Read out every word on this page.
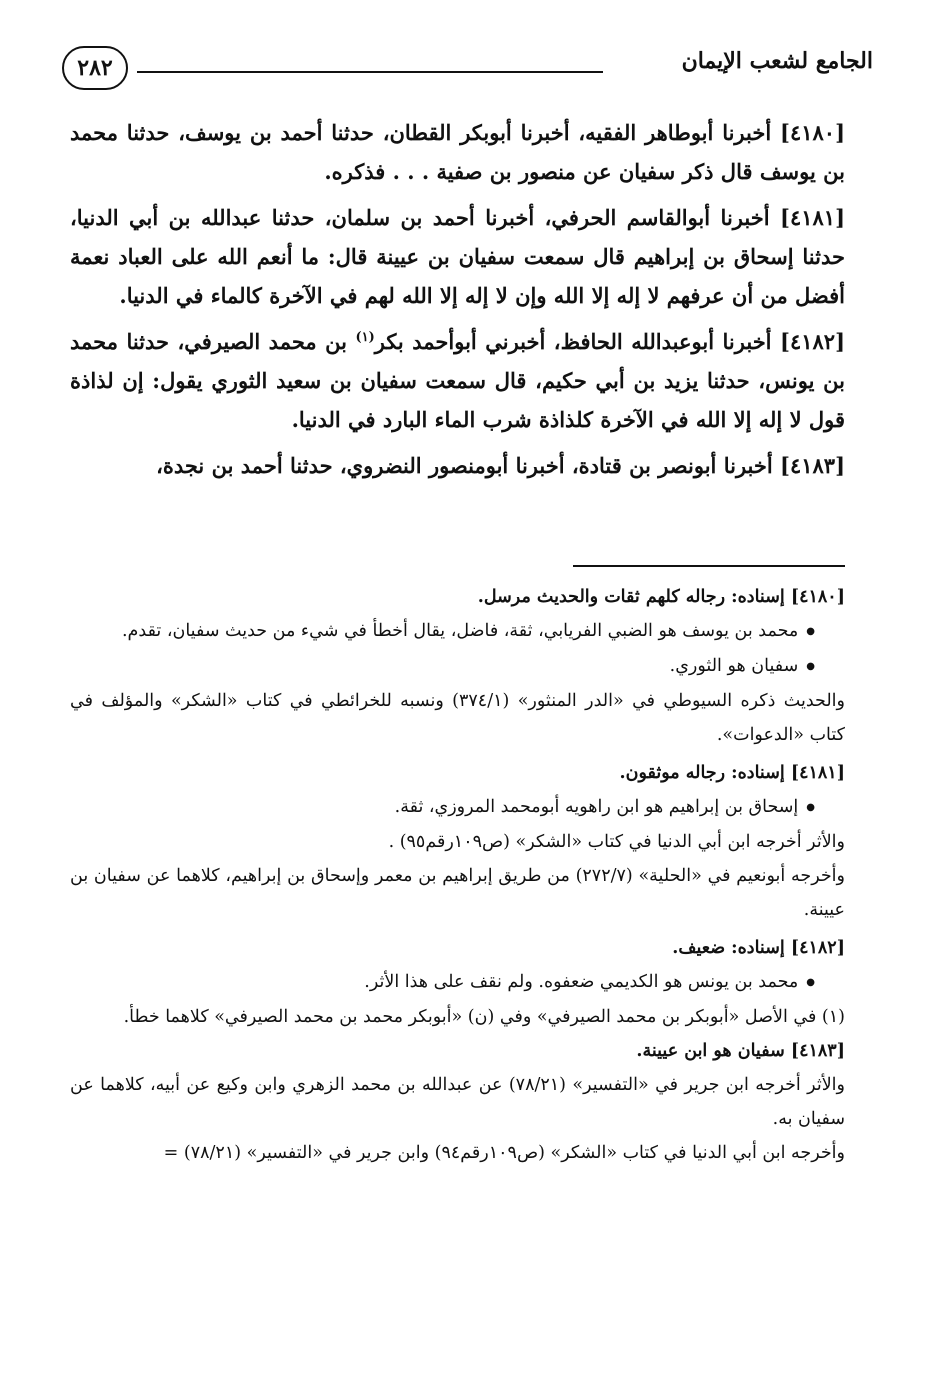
الجامع لشعب الإيمان
٢٨٢

[٤١٨٠] أخبرنا أبوطاهر الفقيه، أخبرنا أبوبكر القطان، حدثنا أحمد بن يوسف، حدثنا محمد بن يوسف قال ذكر سفيان عن منصور بن صفية . . . فذكره.

[٤١٨١] أخبرنا أبوالقاسم الحرفي، أخبرنا أحمد بن سلمان، حدثنا عبدالله بن أبي الدنيا، حدثنا إسحاق بن إبراهيم قال سمعت سفيان بن عيينة قال: ما أنعم الله على العباد نعمة أفضل من أن عرفهم لا إله إلا الله وإن لا إله إلا الله لهم في الآخرة كالماء في الدنيا.

[٤١٨٢] أخبرنا أبوعبدالله الحافظ، أخبرني أبوأحمد بكر$^{(١)}$ بن محمد الصيرفي، حدثنا محمد بن يونس، حدثنا يزيد بن أبي حكيم، قال سمعت سفيان بن سعيد الثوري يقول: إن لذاذة قول لا إله إلا الله في الآخرة كلذاذة شرب الماء البارد في الدنيا.

[٤١٨٣] أخبرنا أبونصر بن قتادة، أخبرنا أبومنصور النضروي، حدثنا أحمد بن نجدة،

[٤١٨٠] إسناده: رجاله كلهم ثقات والحديث مرسل.

● محمد بن يوسف هو الضبي الفريابي، ثقة، فاضل، يقال أخطأ في شيء من حديث سفيان، تقدم.

● سفيان هو الثوري.

والحديث ذكره السيوطي في «الدر المنثور» (٣٧٤/١) ونسبه للخرائطي في كتاب «الشكر» والمؤلف في كتاب «الدعوات».

[٤١٨١] إسناده: رجاله موثقون.

● إسحاق بن إبراهيم هو ابن راهويه أبومحمد المروزي، ثقة.

والأثر أخرجه ابن أبي الدنيا في كتاب «الشكر» (ص١٠٩رقم٩٥) .

وأخرجه أبونعيم في «الحلية» (٢٧٢/٧) من طريق إبراهيم بن معمر وإسحاق بن إبراهيم، كلاهما عن سفيان بن عيينة.

[٤١٨٢] إسناده: ضعيف.

● محمد بن يونس هو الكديمي ضعفوه. ولم نقف على هذا الأثر.

(١) في الأصل «أبوبكر بن محمد الصيرفي» وفي (ن) «أبوبكر محمد بن محمد الصيرفي» كلاهما خطأ.

[٤١٨٣] سفيان هو ابن عيينة.

والأثر أخرجه ابن جرير في «التفسير» (٧٨/٢١) عن عبدالله بن محمد الزهري وابن وكيع عن أبيه، كلاهما عن سفيان به.

وأخرجه ابن أبي الدنيا في كتاب «الشكر» (ص١٠٩رقم٩٤) وابن جرير في «التفسير» (٧٨/٢١) =
